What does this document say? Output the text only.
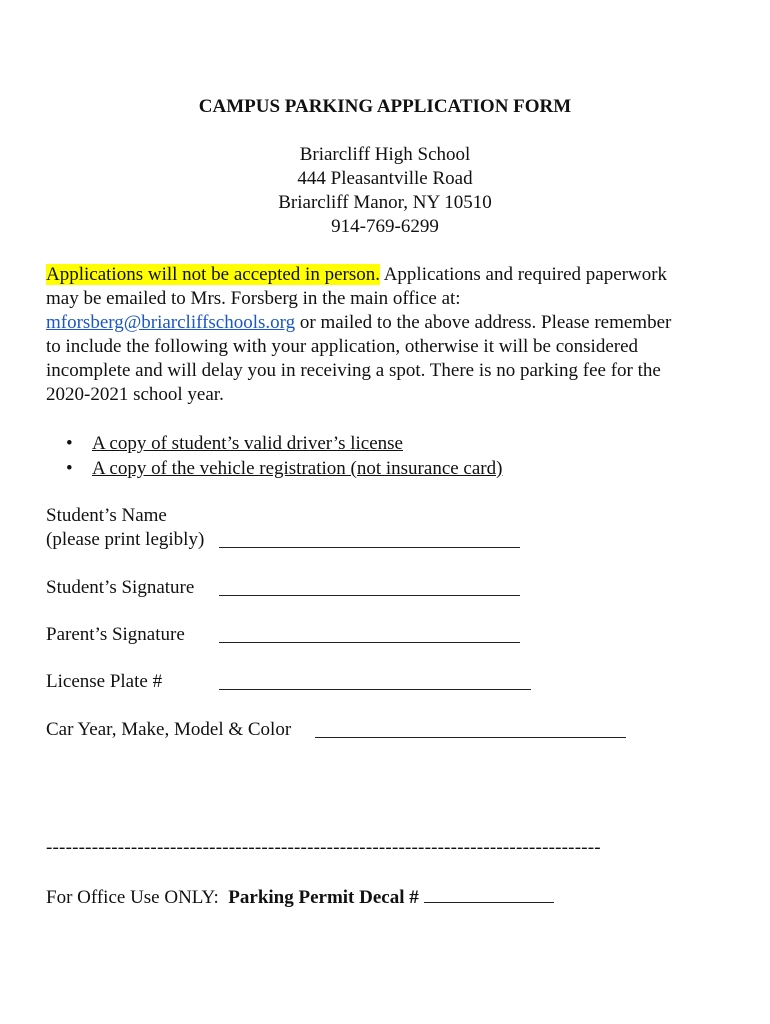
CAMPUS PARKING APPLICATION FORM
Briarcliff High School
444 Pleasantville Road
Briarcliff Manor, NY 10510
914-769-6299
Applications will not be accepted in person. Applications and required paperwork
may be emailed to Mrs. Forsberg in the main office at:
mforsberg@briarcliffschools.org or mailed to the above address. Please remember
to include the following with your application, otherwise it will be considered
incomplete and will delay you in receiving a spot. There is no parking fee for the
2020-2021 school year.
• A copy of student’s valid driver’s license
• A copy of the vehicle registration (not insurance card)
Student’s Name
(please print legibly)
Student’s Signature
Parent’s Signature
License Plate #
Car Year, Make, Model & Color
-------------------------------------------------------------------------------------
For Office Use ONLY: Parking Permit Decal #
